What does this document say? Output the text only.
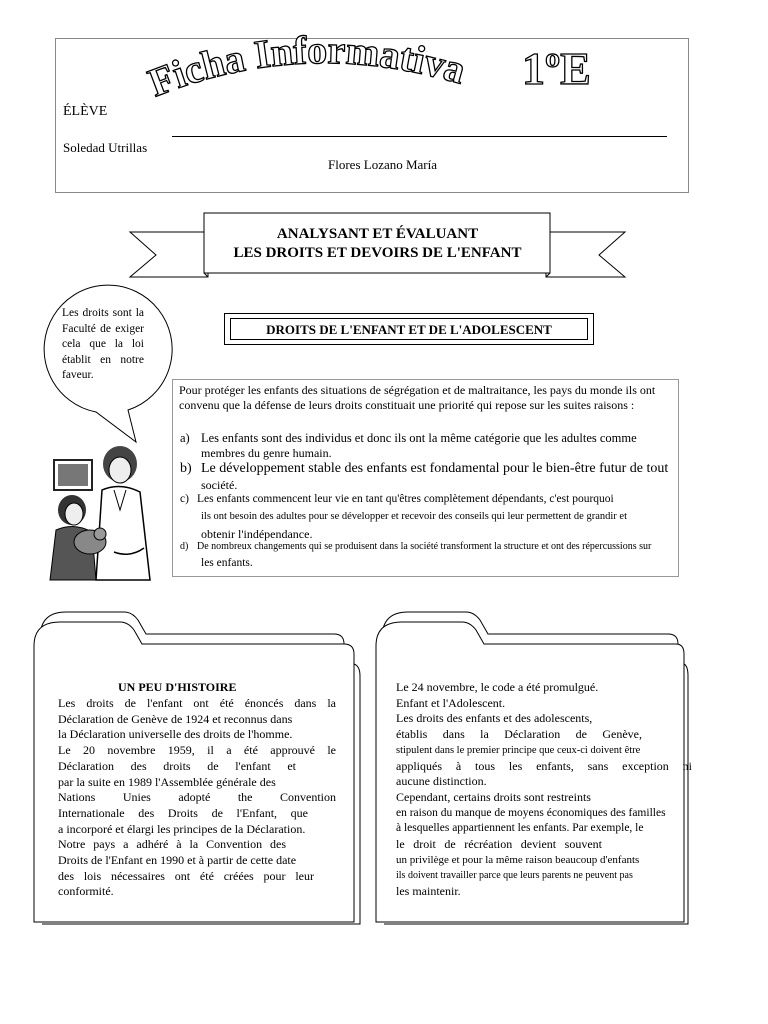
Ficha Informativa 1ºE
ÉLÈVE
Soledad Utrillas
Flores Lozano María
ANALYSANT ET ÉVALUANT
LES DROITS ET DEVOIRS DE L'ENFANT
Les droits sont la Faculté de exiger cela que la loi établit en notre faveur.
DROITS DE L'ENFANT ET DE L'ADOLESCENT
Pour protéger les enfants des situations de ségrégation et de maltraitance, les pays du monde ils ont convenu que la défense de leurs droits constituait une priorité qui repose sur les suites raisons :
a) Les enfants sont des individus et donc ils ont la même catégorie que les adultes comme
membres du genre humain.
b) Le développement stable des enfants est fondamental pour le bien-être futur de tout
société.
c) Les enfants commencent leur vie en tant qu'êtres complètement dépendants, c'est pourquoi
ils ont besoin des adultes pour se développer et recevoir des conseils qui leur permettent de grandir et
obtenir l'indépendance.
d) De nombreux changements qui se produisent dans la société transforment la structure et ont des répercussions sur
les enfants.
UN PEU D'HISTOIRE
Les droits de l'enfant ont été énoncés dans la
Déclaration de Genève de 1924 et reconnus dans
la Déclaration universelle des droits de l'homme.
Le 20 novembre 1959, il a été approuvé le
Déclaration des droits de l'enfant et
par la suite en 1989 l'Assemblée générale des
Nations Unies adopté the Convention
Internationale des Droits de l'Enfant, que
a incorporé et élargi les principes de la Déclaration.
Notre pays a adhéré à la Convention des
Droits de l'Enfant en 1990 et à partir de cette date
des lois nécessaires ont été créées pour leur
conformité.
Le 24 novembre, le code a été promulgué.
Enfant et l'Adolescent.
Les droits des enfants et des adolescents,
établis dans la Déclaration de Genève,
stipulent dans le premier principe que ceux-ci doivent être
appliqués à tous les enfants, sans exception ni
aucune distinction.
Cependant, certains droits sont restreints
en raison du manque de moyens économiques des familles
à lesquelles appartiennent les enfants. Par exemple, le
le droit de récréation devient souvent
un privilège et pour la même raison beaucoup d'enfants
ils doivent travailler parce que leurs parents ne peuvent pas
les maintenir.
